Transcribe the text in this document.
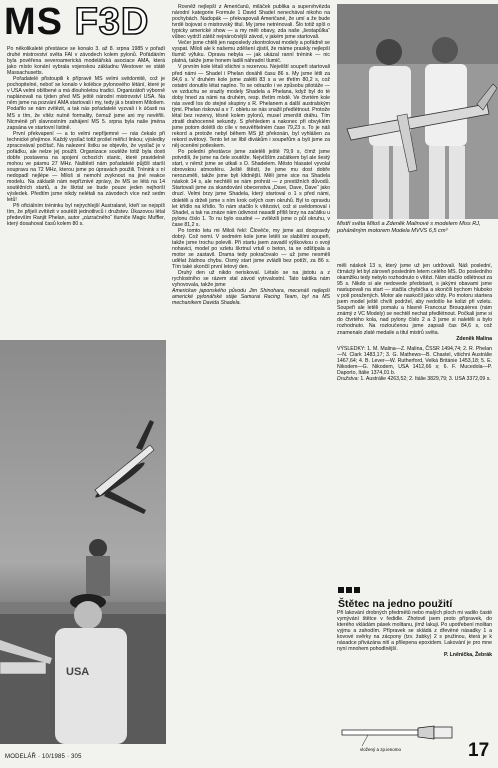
MS F3D

Po několikaleté přestávce se konalo 3. až 8. srpna 1985 v pořadí druhé mistrovství světa FAI v závodech kolem pylonů. Pořádáním byla pověřena severoamerická modelářská asociace AMA, která jako místo konání vybrala vojenskou základnu Westover ve státě Massachusetts.

Pořadatelé přistoupili k přípravě MS velmi svědomitě, což je pochopitelné, neboť se konalo v kolébce pylonového létání, které je v USA velmi oblíbené a má dlouholetou tradici. Organizátoři výborně naplánovali na týden před MS ještě národní mistrovství USA. Na něm jsme na pozvání AMA startovali i my, tedy já s bratrem Milošem. Podařilo se nám zvítězit, a tak nás pořadatelé vyzvali i k účasti na MS s tím, že vítěz nutně formality, čemuž jsme ani my nevěřili. Nicméně při slavnostním zahájení MS 5. srpna byla naše jména zapsána ve startovní listině.

První překvapení — a to velmi nepříjemné — nás čekalo při technické přejímce. Každý vysílač totiž prošel měřicí linkou; výsledky zpracovával počítač. Na nalezení lístku se objevilo, že vysílač je v pořádku, ale nelze jej použít. Organizace soutěže totiž byla dosti dobře postavena na spojení ochozích stanic, které pravidelně mohou ve pásmu 27 MHz. Naštěstí nám pořadatelé půjčili starší soupravu na 72 MHz, kterou jsme po úpravách použili. Trénink s ní nedopadl nejlépe — Miloš si nemohl zvyknout na jiné reakce modelu. Na základě nám nepříznivé zprávy, že MS se létá na 14 soutěžních startů, a že škrtat se bude pouze jeden nejhorší výsledek. Předtím jsme nikdy nelétali na závodech více než sedm letů!

Při oficiálním tréninku byl nejrychlejší Australané, kteří se nejspíš tím, že přijeli zvítězit v soutěži jednotlivců i družstev. Úkazovou létal především Ranjit Phelan, autor „zázračného“ tlumiče Magic Muffler, který dosahoval časů kolem 80 s.

USA

Rovněž nejlepší z Američanů, miláček publika a supervhvězda národní kategorie Formule 1 David Shadel nenechával nikoho na pochybách. Nadopák — překvapovali Američané, že umí a že bude tvrdě bojovat o mistrovský titul. My jsme netrénovali. Šlo totiž spíš o typicky americké show — a my měli obavy, zda naše „šestapůlka“ vůbec vydrží zátěž nejnáročnější závod, v jakém jsme startovali.

Večer jsme chtěli jen naposledy zkontrolovat modely a pořádně se vyspat. Miloš ale k našemu zděšení zjistil, že máme praskly nejlepší tlumič výfuku. Oprava nebyla — jak ukázal ranní trénink — nic platná, takže jsme honem ladili náhradní tlumič.

V prvním kole létali všichni s rezervou. Nejvěští soupeři startovali před námi — Shadel i Phelan dosáhli času 86 s. My jsme létli za 84,6 s. V druhém kole jsme zalétli 83 s a ve třetím 80,2 s, což ostatní donutilo létat naplno. To se odrazilo i ve způsobu pilotáže — ve vzduchu se srazily modely Shadela a Phelana, když byl do té doby hned za námi na druhém, resp. třetím místě. Ve čtvrtém kole nás svedl los do stejné skupiny s R. Phelanem a další australským tými. Phelan riskoval a v 7. obletu se nás snažil předlétnout. Protože létal bez rezervy, těsně kolem pylonů, musel zmenšit dráhu. Tím ztratil drahocenné sekundy. S přehledem a nakonec při obvyklém jsme potom dolétli do cíle v neuvěřitelném čase 79,23 s. To je náš rekord a protože nebyl během MS již překonán, byl vyhlášen za rekord světový. Tento let se líbil divákům i soupeřům a byli jsme za něj oceněni potleskem.

Po polední přestávce jsme zaletěli ještě 79,9 s, čímž jsme potvrdili, že jsme na čele soutěže. Nejvíšším začátkem byl ale šestý start, v němž jsme se utkali s D. Shadelem. Město hlasatel vyvolal obrovskou atmosféru. Ještě štěstí, že jsme mu dost dobře nerozuměli, takže jsme byli klidnější. Měli jsme sice na Shadela náskok 14 s, ale nechtěli se nám prohrát — z prestižních důvodů. Startovali jsme za skandování obecenstva „Dave, Dave, Dave“ jako druzí. Velmi brzy jsme Shadela, který startoval o 1 s před námi, doletěli a drželi jsme s ním krok celých osm okruhů. Byl to opravdu let křídlo na křídlo. To nám stačilo k vítězství, což si uvědomoval i Shadel, a tak na znáze nám údivnost nasadil příliš brzy na začátku u pylonu číslo 1. To nu bylo osudné — zvítězili jsme o půl okruhu, v čase 81,2 s.

Po tomto letu mi Miloš řekl: Člověče, my jsme asi doopravdy dobrý. Což nemí. V sedmém kole jsme letěli se slabšími soupeři, takže jsme trochu polevili. Při startu jsem zavadil výškovkou o svoji nohavici, model po vzletu škrtnul vrtulí o beton, ta se odštípala a motor se zastavil. Drama tedy pokračovalo — už jsme nesměli udělat žádnou chybu. Osmý start jsme zvládli bez potíží, za 86 s. Tím také skončil první letový den.

Druhý den už nikdo neriskoval. Létalo se na jistotu a z rychlostního se rázem stal závod vytrvalostní. Tato taktika nám vyhovovala, takže jsme

Americkan japonského původu Jim Shinohara, mecenáš nejlepší americké pylonářské stáje Samurai Racing Team, byl na MS mechanikem Davida Shadela.

Mistři světa Miloš a Zdeněk Malinové s modelem Miss RJ, poháněným motorem Modela MVVS 6,5 cm³

měli náskok 13 s, který jsme už jen udržovali. Náš poslední, čtrnáctý let byl zároveň posledním letem celého MS. Do posledního okamžiku tedy nebylo rozhodnuto o vítězi. Nám stačilo odlétnout za 95 s. Nikdo si ale nedovede představit, s jakými obavami jsme nastupovali na start — stačila chybička a skončili bychom hluboko v poli poražených. Motor ale naskočil jako vždy. Po motoru startera jsem model ještě chvíli podržel, aby nedošlo ke kolizi při vzletu. Soupeři ale letěli pomalu a hlavně Francouz Brouquières (nám známý z VC Modely) se nechtěl nechat předlétnout. Počkali jsme si do čtvrtého kola, nad pylony číslo 2 a 3 jsme si naletěli a bylo rozhodnuto. Na rozloučenou jsme zapsali čas 84,6 s, což znamenalo zlaté medaile a titul mistrů světa.

Zdeněk Malina

VÝSLEDKY: 1. M. Malina—Z. Malina, ČSSR 1494,74; 2. R. Phelan—N. Clark 1483,17; 3. G. Mathews—B. Chastel, všichni Austrálie 1467,64; 4. B. Lever—W. Rutherford, Velká Británie 1453,18; 5. E. Nikodem—G. Nikodem, USA 1412,66 s; 6. F. Mucedola—P. Daporto, Itálie 1374,01 b.

Družstva: 1. Austrálie 4263,52; 2. Itálie 3829,79; 3. USA 3372,09 s.

Štětec na jedno použití

Při lakování drobných předmětů nebo malých ploch mi vadilo časté vymývání štětce v ředidle. Zhotovil jsem proto přípravek, do kterého vkládám pásek molitanu, jímž lakuji. Po upotřebení molitan vyjmu a zahodím. Přípravek se skládá z dřevěné násadky 1 a kovové svěrky na zácpony (tzv. žabky) 2 s pružinou, která je k násadce přivázána nití a přilepena epoxidem. Lakování je pro mne nyní mnohem pohodlnější.

P. Lněnička, Žebrák

vložený a zp.ienomo
MODELÁŘ · 10/1985 · 305	17
